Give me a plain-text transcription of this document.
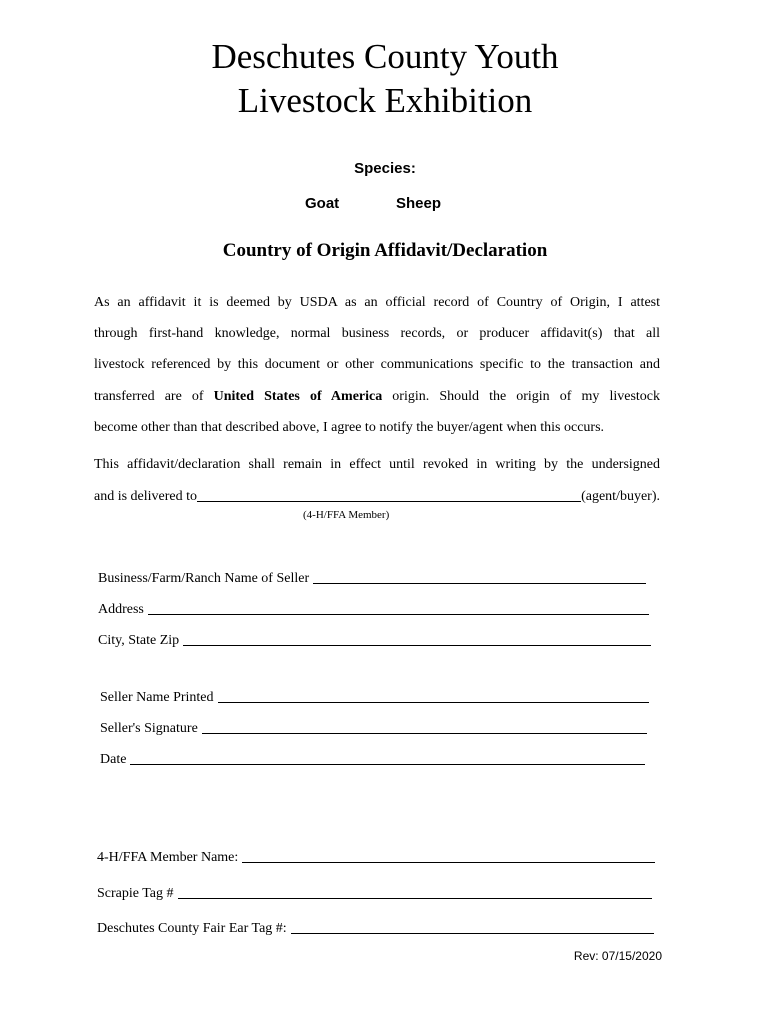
Deschutes County Youth
Livestock Exhibition
Species:
Goat	Sheep
Country of Origin Affidavit/Declaration
As an affidavit it is deemed by USDA as an official record of Country of Origin, I attest
through first-hand knowledge, normal business records, or producer affidavit(s) that all
livestock referenced by this document or other communications specific to the transaction and
transferred are of United States of America origin. Should the origin of my livestock
become other than that described above, I agree to notify the buyer/agent when this occurs.
This affidavit/declaration shall remain in effect until revoked in writing by the undersigned
and is delivered to	(agent/buyer).
(4-H/FFA Member)
Business/Farm/Ranch Name of Seller
Address
City, State Zip
Seller Name Printed
Seller's Signature
Date
4-H/FFA Member Name:
Scrapie Tag #
Deschutes County Fair Ear Tag #:
Rev: 07/15/2020
